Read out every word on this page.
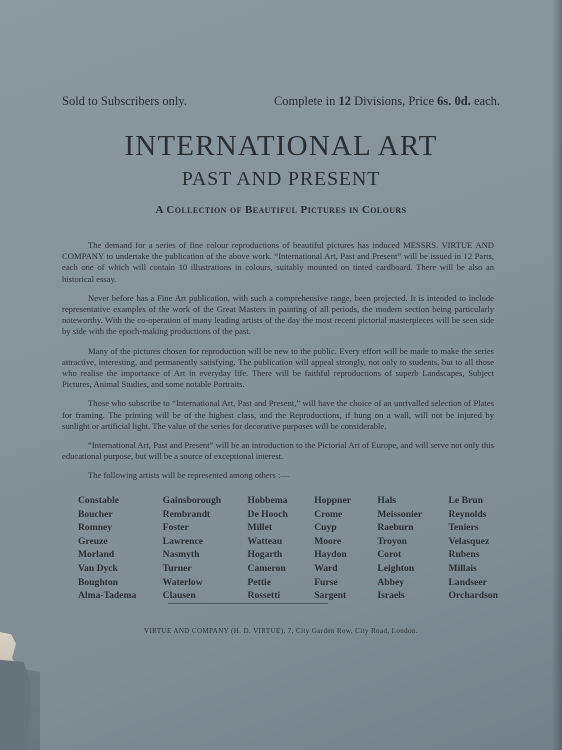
Sold to Subscribers only.	Complete in 12 Divisions, Price 6s. 0d. each.
INTERNATIONAL ART
PAST AND PRESENT
A Collection of Beautiful Pictures in Colours

The demand for a series of fine colour reproductions of beautiful pictures has induced MESSRS. VIRTUE AND COMPANY to undertake the publication of the above work. “International Art, Past and Present” will be issued in 12 Parts, each one of which will contain 10 illustrations in colours, suitably mounted on tinted cardboard. There will be also an historical essay.

Never before has a Fine Art publication, with such a comprehensive range, been projected. It is intended to include representative examples of the work of the Great Masters in painting of all periods, the modern section being particularly noteworthy. With the co-operation of many leading artists of the day the most recent pictorial masterpieces will be seen side by side with the epoch-making productions of the past.

Many of the pictures chosen for reproduction will be new to the public. Every effort will be made to make the series attractive, interesting, and permanently satisfying. The publication will appeal strongly, not only to students, but to all those who realise the importance of Art in everyday life. There will be faithful reproductions of superb Landscapes, Subject Pictures, Animal Studies, and some notable Portraits.

Those who subscribe to “International Art, Past and Present,” will have the choice of an unrivalled selection of Plates for framing. The printing will be of the highest class, and the Reproductions, if hung on a wall, will not be injured by sunlight or artificial light. The value of the series for decorative purposes will be considerable.

“International Art, Past and Present” will be an introduction to the Pictorial Art of Europe, and will serve not only this educational purpose, but will be a source of exceptional interest.

The following artists will be represented among others :—

Constable
Boucher
Romney
Greuze
Morland
Van Dyck
Boughton
Alma-Tadema
Gainsborough
Rembrandt
Foster
Lawrence
Nasmyth
Turner
Waterlow
Clausen
Hobbema
De Hooch
Millet
Watteau
Hogarth
Cameron
Pettie
Rossetti
Hoppner
Crome
Cuyp
Moore
Haydon
Ward
Furse
Sargent
Hals
Meissonier
Raeburn
Troyon
Corot
Leighton
Abbey
Israels
Le Brun
Reynolds
Teniers
Velasquez
Rubens
Millais
Landseer
Orchardson
VIRTUE AND COMPANY (H. D. VIRTUE), 7, City Garden Row, City Road, London.
